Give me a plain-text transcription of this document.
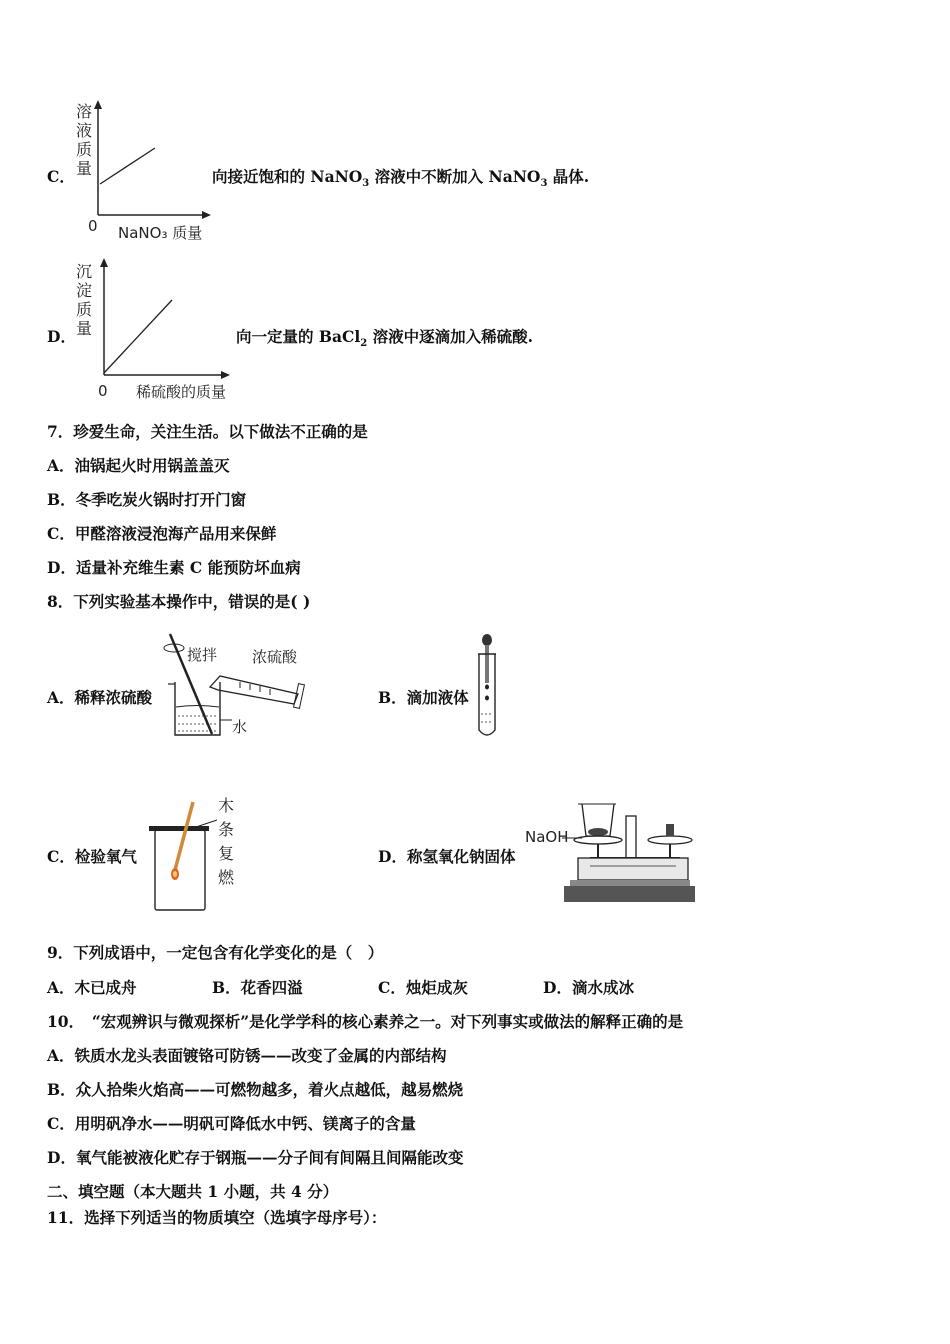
C．
溶
液
质
量
0 NaNO₃ 质量
向接近饱和的 NaNO$_3$ 溶液中不断加入 NaNO$_3$ 晶体.
D．
沉
淀
质
量
0 稀硫酸的质量
向一定量的 BaCl$_2$ 溶液中逐滴加入稀硫酸.
7．珍爱生命，关注生活。以下做法不正确的是
A．油锅起火时用锅盖盖灭
B．冬季吃炭火锅时打开门窗
C．甲醛溶液浸泡海产品用来保鲜
D．适量补充维生素 C 能预防坏血病
8．下列实验基本操作中，错误的是( )
A．稀释浓硫酸
搅拌 浓硫酸
水
B．滴加液体
C．检验氧气
木
条
复
燃
D．称氢氧化钠固体
NaOH
9．下列成语中，一定包含有化学变化的是（　）
A．木已成舟	B．花香四溢	C．烛炬成灰	D．滴水成冰
10．　“宏观辨识与微观探析”是化学学科的核心素养之一。对下列事实或做法的解释正确的是
A．铁质水龙头表面镀铬可防锈——改变了金属的内部结构
B．众人拾柴火焰高——可燃物越多，着火点越低，越易燃烧
C．用明矾净水——明矾可降低水中钙、镁离子的含量
D．氧气能被液化贮存于钢瓶——分子间有间隔且间隔能改变
二、填空题（本大题共 1 小题，共 4 分）
11．选择下列适当的物质填空（选填字母序号）：
